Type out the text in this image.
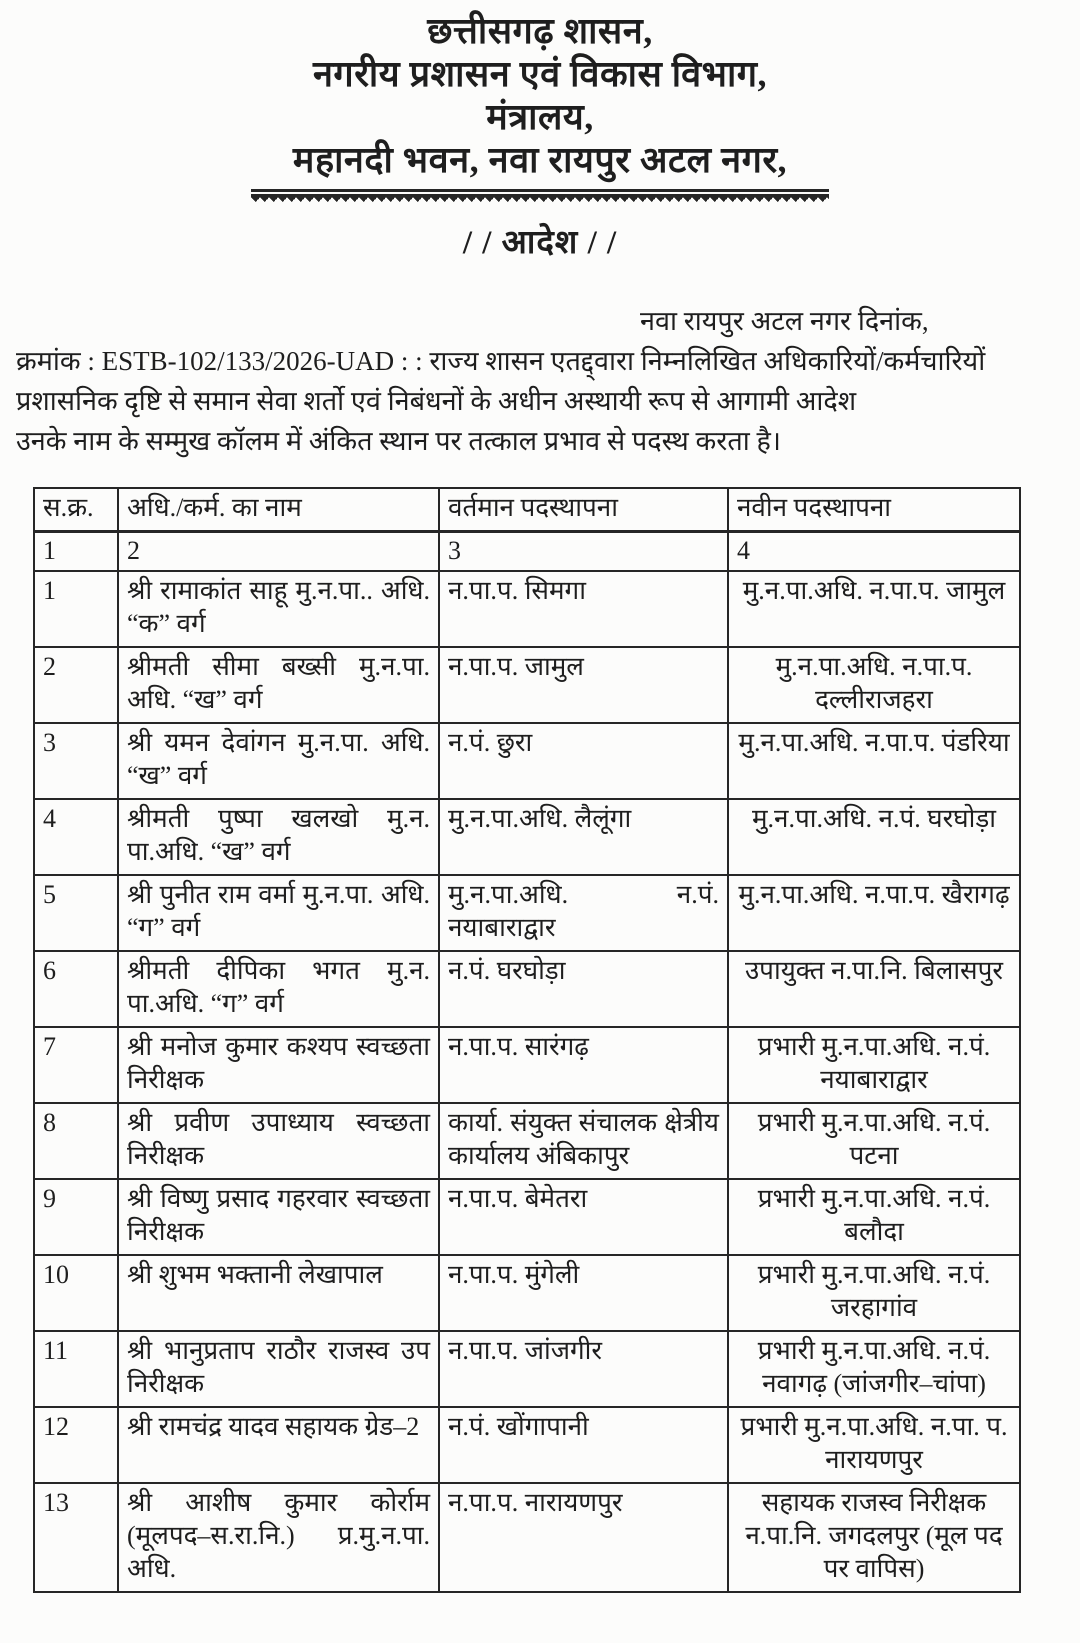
छत्तीसगढ़ शासन,
नगरीय प्रशासन एवं विकास विभाग,
मंत्रालय,
महानदी भवन, नवा रायपुर अटल नगर,
/ / आदेश / /
नवा रायपुर अटल नगर दिनांक,
क्रमांक : ESTB-102/133/2026-UAD : : राज्य शासन एतद्द्वारा निम्नलिखित अधिकारियों/कर्मचारियों
प्रशासनिक दृष्टि से समान सेवा शर्तो एवं निबंधनों के अधीन अस्थायी रूप से आगामी आदेश
उनके नाम के सम्मुख कॉलम में अंकित स्थान पर तत्काल प्रभाव से पदस्थ करता है।
स.क्र.	अधि./कर्म. का नाम	वर्तमान पदस्थापना	नवीन पदस्थापना
1	2	3	4
1	श्री रामाकांत साहू मु.न.पा.. अधि. “क” वर्ग	न.पा.प. सिमगा	मु.न.पा.अधि. न.पा.प. जामुल
2	श्रीमती सीमा बख्सी मु.न.पा. अधि. “ख” वर्ग	न.पा.प. जामुल	मु.न.पा.अधि. न.पा.प. दल्लीराजहरा
3	श्री यमन देवांगन मु.न.पा. अधि. “ख” वर्ग	न.पं. छुरा	मु.न.पा.अधि. न.पा.प. पंडरिया
4	श्रीमती पुष्पा खलखो मु.न. पा.अधि. “ख” वर्ग	मु.न.पा.अधि. लैलूंगा	मु.न.पा.अधि. न.पं. घरघोड़ा
5	श्री पुनीत राम वर्मा मु.न.पा. अधि. “ग” वर्ग	मु.न.पा.अधि. न.पं. नयाबाराद्वार	मु.न.पा.अधि. न.पा.प. खैरागढ़
6	श्रीमती दीपिका भगत मु.न. पा.अधि. “ग” वर्ग	न.पं. घरघोड़ा	उपायुक्त न.पा.नि. बिलासपुर
7	श्री मनोज कुमार कश्यप स्वच्छता निरीक्षक	न.पा.प. सारंगढ़	प्रभारी मु.न.पा.अधि. न.पं. नयाबाराद्वार
8	श्री प्रवीण उपाध्याय स्वच्छता निरीक्षक	कार्या. संयुक्त संचालक क्षेत्रीय कार्यालय अंबिकापुर	प्रभारी मु.न.पा.अधि. न.पं. पटना
9	श्री विष्णु प्रसाद गहरवार स्वच्छता निरीक्षक	न.पा.प. बेमेतरा	प्रभारी मु.न.पा.अधि. न.पं. बलौदा
10	श्री शुभम भक्तानी लेखापाल	न.पा.प. मुंगेली	प्रभारी मु.न.पा.अधि. न.पं. जरहागांव
11	श्री भानुप्रताप राठौर राजस्व उप निरीक्षक	न.पा.प. जांजगीर	प्रभारी मु.न.पा.अधि. न.पं. नवागढ़ (जांजगीर–चांपा)
12	श्री रामचंद्र यादव सहायक ग्रेड–2	न.पं. खोंगापानी	प्रभारी मु.न.पा.अधि. न.पा. प. नारायणपुर
13	श्री आशीष कुमार कोर्राम (मूलपद–स.रा.नि.) प्र.मु.न.पा. अधि.	न.पा.प. नारायणपुर	सहायक राजस्व निरीक्षक न.पा.नि. जगदलपुर (मूल पद पर वापिस)
